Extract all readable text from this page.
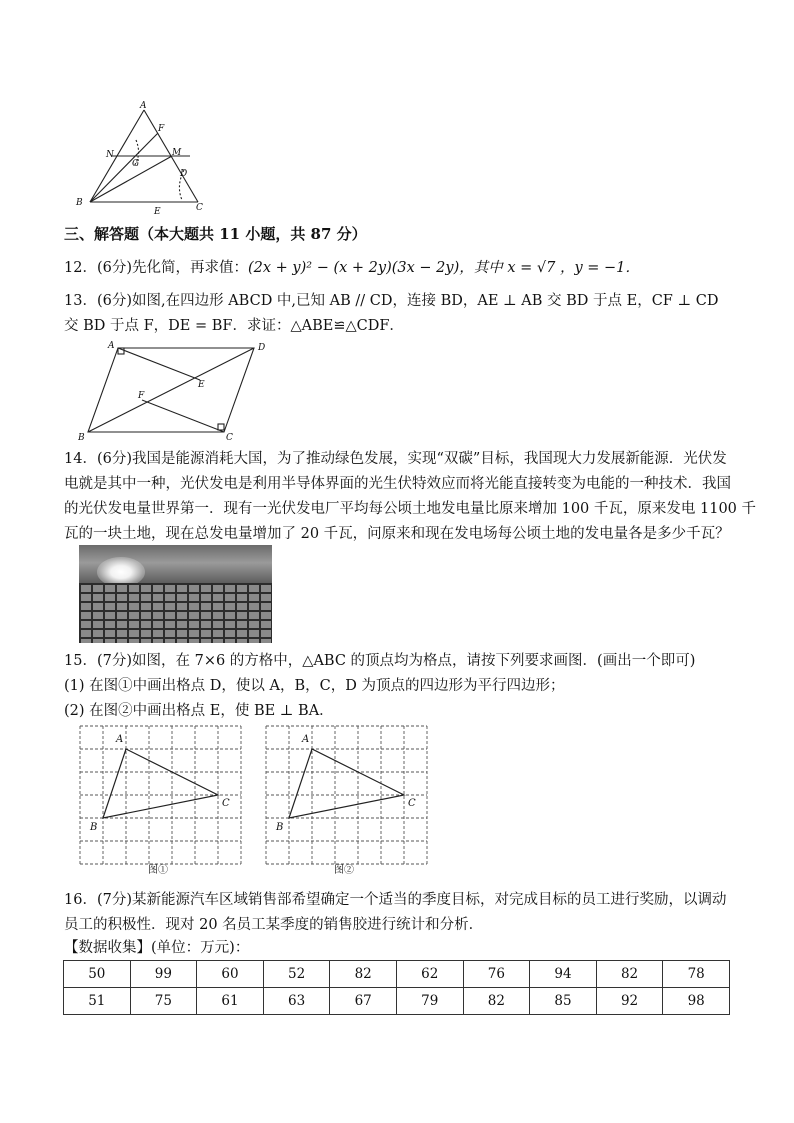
A
F
N
G
M
D
B
E	C
三、解答题（本大题共 11 小题，共 87 分）
12．(6分)先化简，再求值：(2x + y)² − (x + 2y)(3x − 2y)，其中 x = √7 ，y = −1．
13．(6分)如图,在四边形 ABCD 中,已知 AB // CD，连接 BD，AE ⊥ AB 交 BD 于点 E，CF ⊥ CD
交 BD 于点 F，DE = BF．求证：△ABE≌△CDF．
A	D
E
F
B	C
14．(6分)我国是能源消耗大国，为了推动绿色发展，实现“双碳”目标，我国现大力发展新能源．光伏发
电就是其中一种，光伏发电是利用半导体界面的光生伏特效应而将光能直接转变为电能的一种技术．我国
的光伏发电量世界第一．现有一光伏发电厂平均每公顷土地发电量比原来增加 100 千瓦，原来发电 1100 千
瓦的一块土地，现在总发电量增加了 20 千瓦，问原来和现在发电场每公顷土地的发电量各是多少千瓦？
15．(7分)如图，在 7×6 的方格中，△ABC 的顶点均为格点，请按下列要求画图．(画出一个即可)
(1) 在图①中画出格点 D，使以 A，B，C，D 为顶点的四边形为平行四边形；
(2) 在图②中画出格点 E，使 BE ⊥ BA．
A
B
C
图①
A
B
C
图②
16．(7分)某新能源汽车区域销售部希望确定一个适当的季度目标，对完成目标的员工进行奖励，以调动
员工的积极性．现对 20 名员工某季度的销售胶进行统计和分析．
【数据收集】(单位：万元)：
50	99	60	52	82	62	76	94	82	78
51	75	61	63	67	79	82	85	92	98
